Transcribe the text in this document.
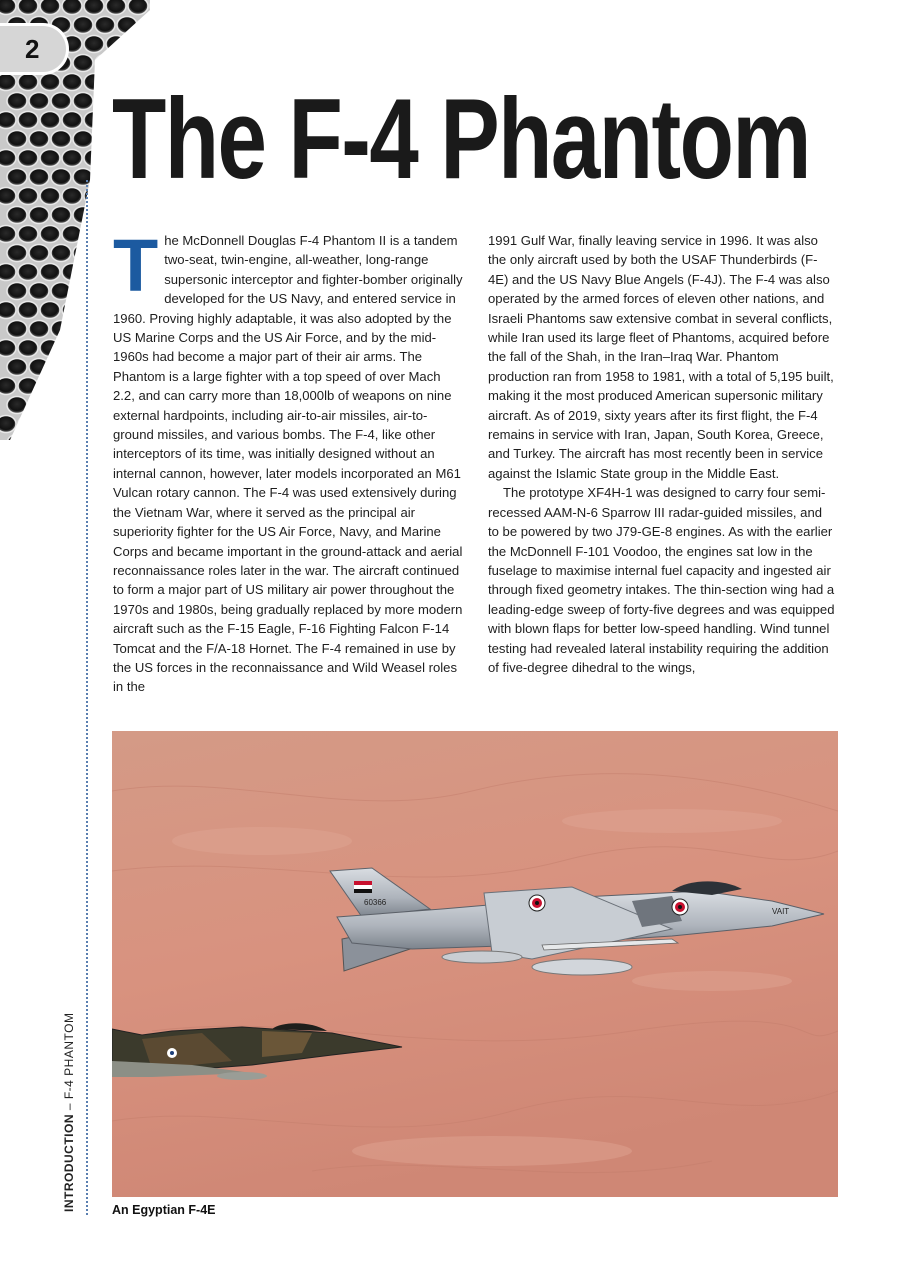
2
The F-4 Phantom

The McDonnell Douglas F-4 Phantom II is a tandem two-seat, twin-engine, all-weather, long-range supersonic interceptor and fighter-bomber originally developed for the US Navy, and entered service in 1960. Proving highly adaptable, it was also adopted by the US Marine Corps and the US Air Force, and by the mid-1960s had become a major part of their air arms. The Phantom is a large fighter with a top speed of over Mach 2.2, and can carry more than 18,000lb of weapons on nine external hardpoints, including air-to-air missiles, air-to-ground missiles, and various bombs. The F-4, like other interceptors of its time, was initially designed without an internal cannon, however, later models incorporated an M61 Vulcan rotary cannon. The F-4 was used extensively during the Vietnam War, where it served as the principal air superiority fighter for the US Air Force, Navy, and Marine Corps and became important in the ground-attack and aerial reconnaissance roles later in the war. The aircraft continued to form a major part of US military air power throughout the 1970s and 1980s, being gradually replaced by more modern aircraft such as the F-15 Eagle, F-16 Fighting Falcon F-14 Tomcat and the F/A-18 Hornet. The F-4 remained in use by the US forces in the reconnaissance and Wild Weasel roles in the

1991 Gulf War, finally leaving service in 1996. It was also the only aircraft used by both the USAF Thunderbirds (F-4E) and the US Navy Blue Angels (F-4J). The F-4 was also operated by the armed forces of eleven other nations, and Israeli Phantoms saw extensive combat in several conflicts, while Iran used its large fleet of Phantoms, acquired before the fall of the Shah, in the Iran–Iraq War. Phantom production ran from 1958 to 1981, with a total of 5,195 built, making it the most produced American supersonic military aircraft. As of 2019, sixty years after its first flight, the F-4 remains in service with Iran, Japan, South Korea, Greece, and Turkey. The aircraft has most recently been in service against the Islamic State group in the Middle East.

The prototype XF4H-1 was designed to carry four semi-recessed AAM-N-6 Sparrow III radar-guided missiles, and to be powered by two J79-GE-8 engines. As with the earlier the McDonnell F-101 Voodoo, the engines sat low in the fuselage to maximise internal fuel capacity and ingested air through fixed geometry intakes. The thin-section wing had a leading-edge sweep of forty-five degrees and was equipped with blown flaps for better low-speed handling. Wind tunnel testing had revealed lateral instability requiring the addition of five-degree dihedral to the wings,

60366
VAIT
An Egyptian F-4E
INTRODUCTION – F-4 PHANTOM
